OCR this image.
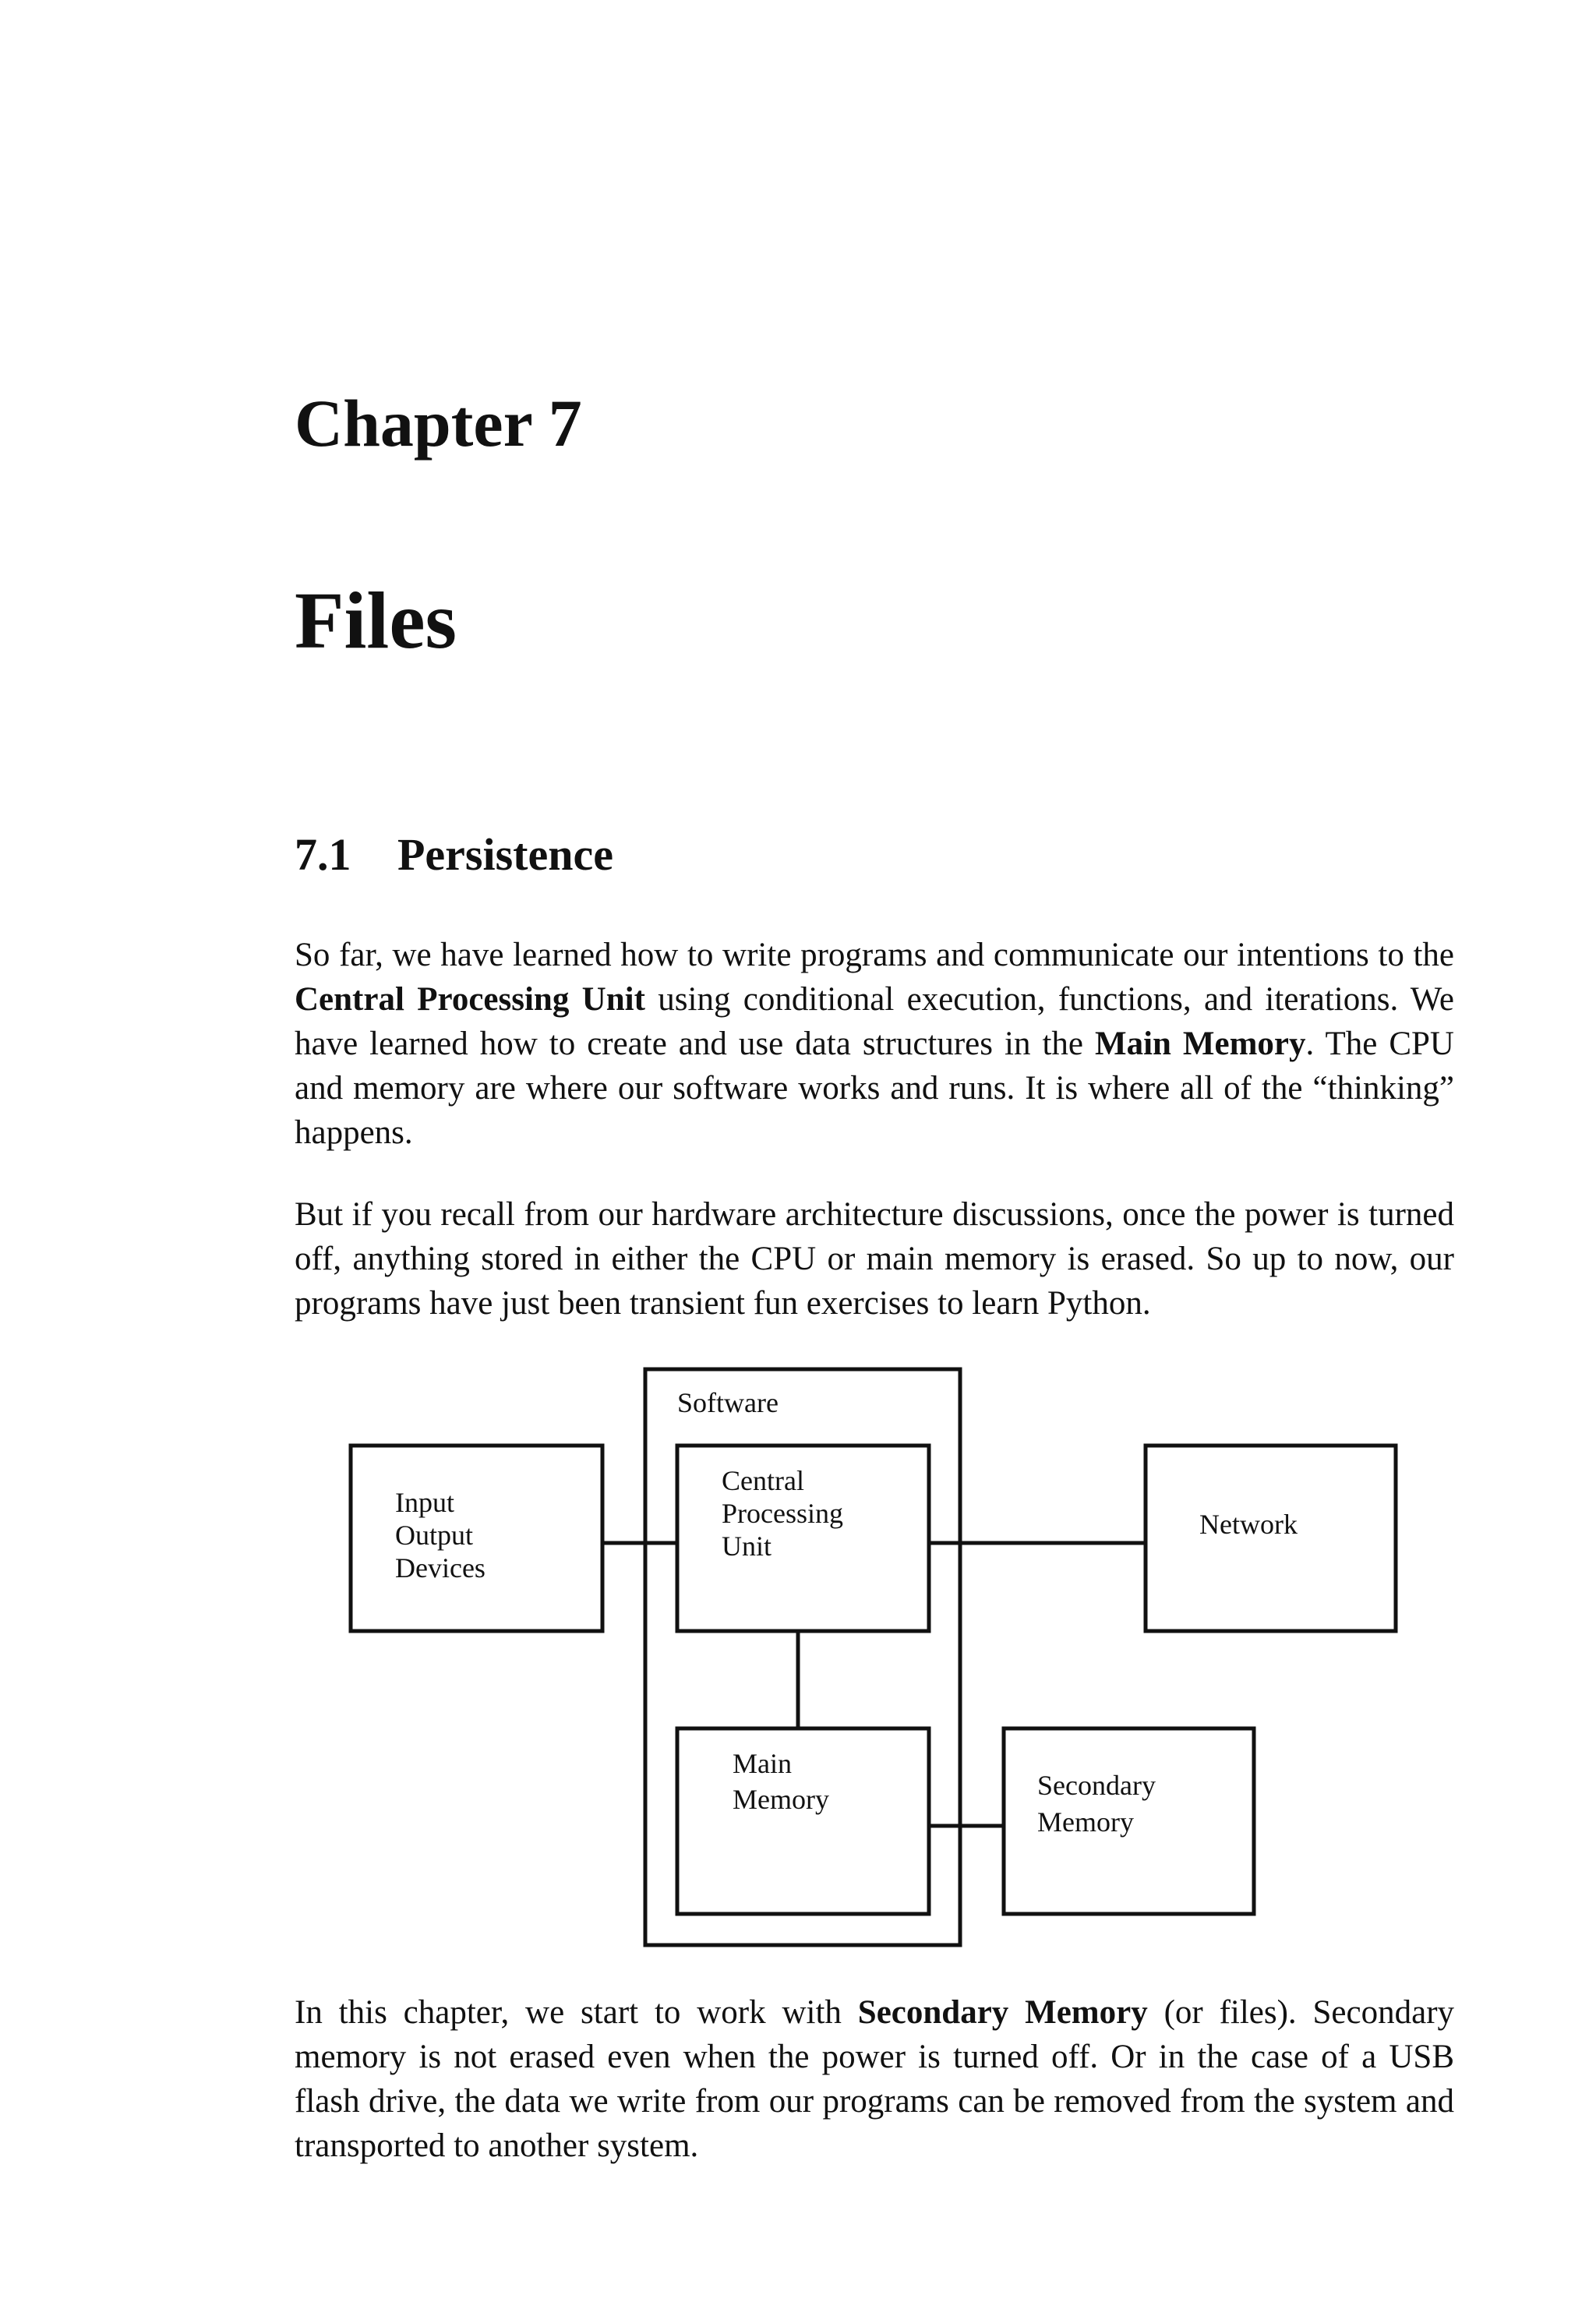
Chapter 7
Files
7.1 Persistence

So far, we have learned how to write programs and communicate our intentions to the Central Processing Unit using conditional execution, functions, and iterations. We have learned how to create and use data structures in the Main Memory. The CPU and memory are where our software works and runs. It is where all of the “thinking” happens.

But if you recall from our hardware architecture discussions, once the power is turned off, anything stored in either the CPU or main memory is erased. So up to now, our programs have just been transient fun exercises to learn Python.

In this chapter, we start to work with Secondary Memory (or files). Secondary memory is not erased even when the power is turned off. Or in the case of a USB flash drive, the data we write from our programs can be removed from the system and transported to another system.

Software
Input
Output
Devices
Central
Processing
Unit
Network
Main
Memory	Secondary
Memory
